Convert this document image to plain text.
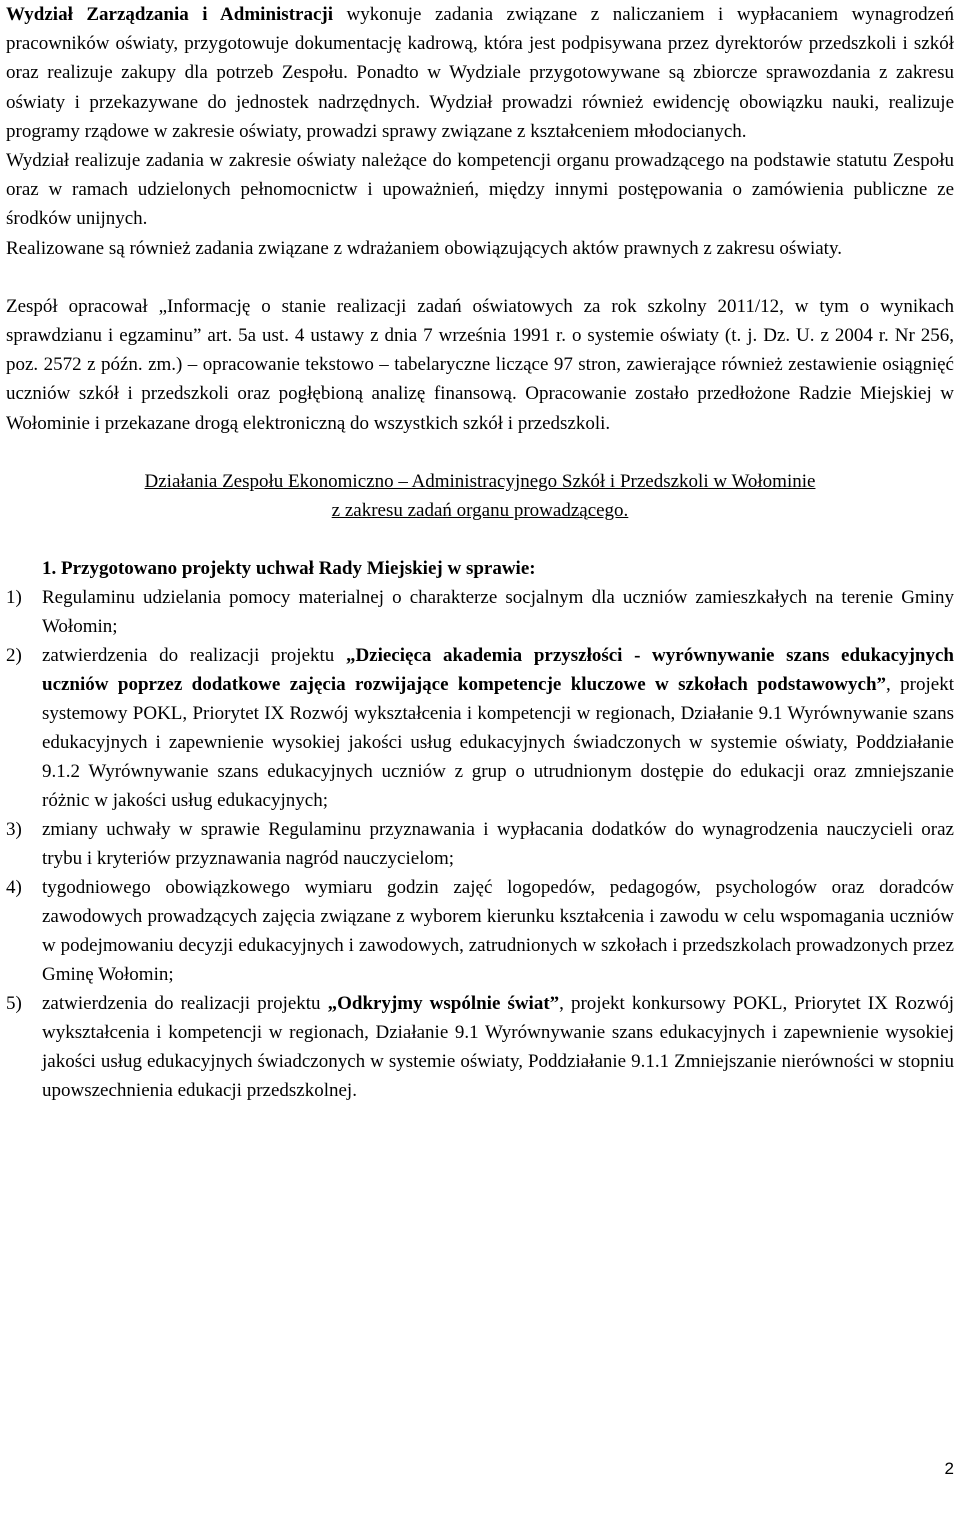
Wydział Zarządzania i Administracji wykonuje zadania związane z naliczaniem i wypłacaniem wynagrodzeń pracowników oświaty, przygotowuje dokumentację kadrową, która jest podpisywana przez dyrektorów przedszkoli i szkół oraz realizuje zakupy dla potrzeb Zespołu. Ponadto w Wydziale przygotowywane są zbiorcze sprawozdania z zakresu oświaty i przekazywane do jednostek nadrzędnych. Wydział prowadzi również ewidencję obowiązku nauki, realizuje programy rządowe w zakresie oświaty, prowadzi sprawy związane z kształceniem młodocianych.

Wydział realizuje zadania w zakresie oświaty należące do kompetencji organu prowadzącego na podstawie statutu Zespołu oraz w ramach udzielonych pełnomocnictw i upoważnień, między innymi postępowania o zamówienia publiczne ze środków unijnych.

Realizowane są również zadania związane z wdrażaniem obowiązujących aktów prawnych z zakresu oświaty.

Zespół opracował „Informację o stanie realizacji zadań oświatowych za rok szkolny 2011/12, w tym o wynikach sprawdzianu i egzaminu” art. 5a ust. 4 ustawy z dnia 7 września 1991 r. o systemie oświaty (t. j. Dz. U. z 2004 r. Nr 256, poz. 2572 z późn. zm.) – opracowanie tekstowo – tabelaryczne liczące 97 stron, zawierające również zestawienie osiągnięć uczniów szkół i przedszkoli oraz pogłębioną analizę finansową. Opracowanie zostało przedłożone Radzie Miejskiej w Wołominie i przekazane drogą elektroniczną do wszystkich szkół i przedszkoli.

Działania Zespołu Ekonomiczno – Administracyjnego Szkół i Przedszkoli w Wołominie

z zakresu zadań organu prowadzącego.

1. Przygotowano projekty uchwał Rady Miejskiej w sprawie:

1) Regulaminu udzielania pomocy materialnej o charakterze socjalnym dla uczniów zamieszkałych na terenie Gminy Wołomin;
2) zatwierdzenia do realizacji projektu „Dziecięca akademia przyszłości - wyrównywanie szans edukacyjnych uczniów poprzez dodatkowe zajęcia rozwijające kompetencje kluczowe w szkołach podstawowych”, projekt systemowy POKL, Priorytet IX Rozwój wykształcenia i kompetencji w regionach, Działanie 9.1 Wyrównywanie szans edukacyjnych i zapewnienie wysokiej jakości usług edukacyjnych świadczonych w systemie oświaty, Poddziałanie 9.1.2 Wyrównywanie szans edukacyjnych uczniów z grup o utrudnionym dostępie do edukacji oraz zmniejszanie różnic w jakości usług edukacyjnych;
3) zmiany uchwały w sprawie Regulaminu przyznawania i wypłacania dodatków do wynagrodzenia nauczycieli oraz trybu i kryteriów przyznawania nagród nauczycielom;
4) tygodniowego obowiązkowego wymiaru godzin zajęć logopedów, pedagogów, psychologów oraz doradców zawodowych prowadzących zajęcia związane z wyborem kierunku kształcenia i zawodu w celu wspomagania uczniów w podejmowaniu decyzji edukacyjnych i zawodowych, zatrudnionych w szkołach i przedszkolach prowadzonych przez Gminę Wołomin;
5) zatwierdzenia do realizacji projektu „Odkryjmy wspólnie świat”, projekt konkursowy POKL, Priorytet IX Rozwój wykształcenia i kompetencji w regionach, Działanie 9.1 Wyrównywanie szans edukacyjnych i zapewnienie wysokiej jakości usług edukacyjnych świadczonych w systemie oświaty, Poddziałanie 9.1.1 Zmniejszanie nierówności w stopniu upowszechnienia edukacji przedszkolnej.
2
